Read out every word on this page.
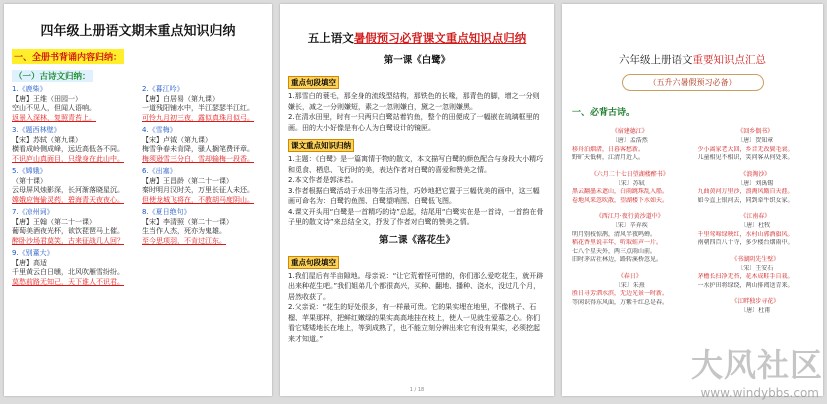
四年级上册语文期末重点知识归纳
一、全册书背诵内容归纳：
（一）古诗文归纳：
1.《鹿柴》
【唐】王维（田园一）
空山不见人，但闻人语响。
返景入深林，复照青苔上。
2.《暮江吟》
【唐】白居易（第九课）
一道残阳铺水中，半江瑟瑟半江红。
可怜九月初三夜，露似真珠月似弓。
3.《题西林壁》
【宋】苏轼（第九课）
横看成岭侧成峰，远近高低各不同。
不识庐山真面目，只缘身在此山中。
4.《雪梅》
【宋】卢钺（第九课）
梅雪争春未肯降，骚人搁笔费评章。
梅须逊雪三分白，雪却输梅一段香。
5.《嫦娥》
（第十课）
云母屏风烛影深，长河渐落晓星沉。
嫦娥应悔偷灵药，碧海青天夜夜心。
6.《出塞》
【唐】王昌龄（第二十一课）
秦时明月汉时关，万里长征人未还。
但使龙城飞将在，不教胡马度阴山。
7.《凉州词》
【唐】王翰（第二十一课）
葡萄美酒夜光杯，欲饮琵琶马上催。
醉卧沙场君莫笑，古来征战几人回？
8.《夏日绝句》
【宋】李清照（第二十一课）
生当作人杰，死亦为鬼雄。
至今思项羽，不肯过江东。
9.《别董大》
【唐】高适
千里黄云白日曛，北风吹雁雪纷纷。
莫愁前路无知己，天下谁人不识君。
五上语文暑假预习必背课文重点知识点归纳
第一课《白鹭》
重点句段填空
1.那雪白的蓑毛，那全身的流线型结构，那铁色的长喙，那青色的脚，增之一分则嫌长，减之一分则嫌短，素之一忽则嫌白，黛之一忽则嫌黑。
2.在清水田里，时有一只两只白鹭站着钓鱼，整个的田便成了一幅嵌在琉璃框里的画。田的大小好像是有心人为白鹭设计的镜匣。
课文重点知识归纳
1.主题：《白鹭》是一篇寓情于物的散文，本文描写白鹭的颜色配合与身段大小精巧和觅食、栖息、飞行时的美，表达作者对白鹭的喜爱和赞美之情。
2.本文作者是郭沫若。
3.作者根据白鹭活动于水田等生活习性，巧妙地把它置于三幅优美的画中，这三幅画可命名为：白鹭钓鱼图、白鹭望哨图、白鹭低飞图。
4.课文开头用“白鹭是一首精巧的诗”总起，结尾用“白鹭实在是一首诗，一首韵在骨子里的散文诗”来总结全文，抒发了作者对白鹭的赞美之情。
第二课《落花生》
重点句段填空
1.我们屋后有半亩隙地。母亲说：“让它荒着怪可惜的，你们那么爱吃花生，就开辟出来种花生吧。”我们姐弟几个都很高兴，买种、翻地、播种、浇水，没过几个月，居然收获了。
2.父亲说：“花生的好处很多，有一样最可贵。它的果实埋在地里，不像桃子、石榴、苹果那样，把鲜红嫩绿的果实高高地挂在枝上，使人一见就生爱慕之心。你们看它矮矮地长在地上，等到成熟了，也不能立刻分辨出来它有没有果实，必须挖起来才知道。”
1 / 18
六年级上册语文重要知识点汇总
（五升六暑假预习必备）
一、必背古诗。
《宿建德江》
〔唐〕孟浩然
移舟泊烟渚，日暮客愁新。
野旷天低树，江清月近人。
《六月二十七日望湖楼醉书》
〔宋〕苏轼
黑云翻墨未遮山，白雨跳珠乱入船。
卷地风来忽吹散，望湖楼下水如天。
《西江月·夜行黄沙道中》
〔宋〕辛弃疾
明月别枝惊鹊，清风半夜鸣蝉。
稻花香里说丰年，听取蛙声一片。
七八个星天外，两三点雨山前。
旧时茅店社林边，路转溪桥忽见。
《春日》
〔宋〕朱熹
胜日寻芳泗水滨，无边光景一时新。
等闲识得东风面，万紫千红总是春。
《回乡偶书》
〔唐〕贺知章
少小离家老大回，乡音无改鬓毛衰。
儿童相见不相识，笑问客从何处来。
《浪淘沙》
〔唐〕刘禹锡
九曲黄河万里沙，浪淘风簸自天涯。
如今直上银河去，同到牵牛织女家。
《江南春》
〔唐〕杜牧
千里莺啼绿映红，水村山郭酒旗风。
南朝四百八十寺，多少楼台烟雨中。
《书湖阴先生壁》
〔宋〕王安石
茅檐长扫净无苔，花木成畦手自栽。
一水护田将绿绕，两山排闼送青来。
《江畔独步寻花》
〔唐〕杜甫
大风社区
www.windybbs.com
